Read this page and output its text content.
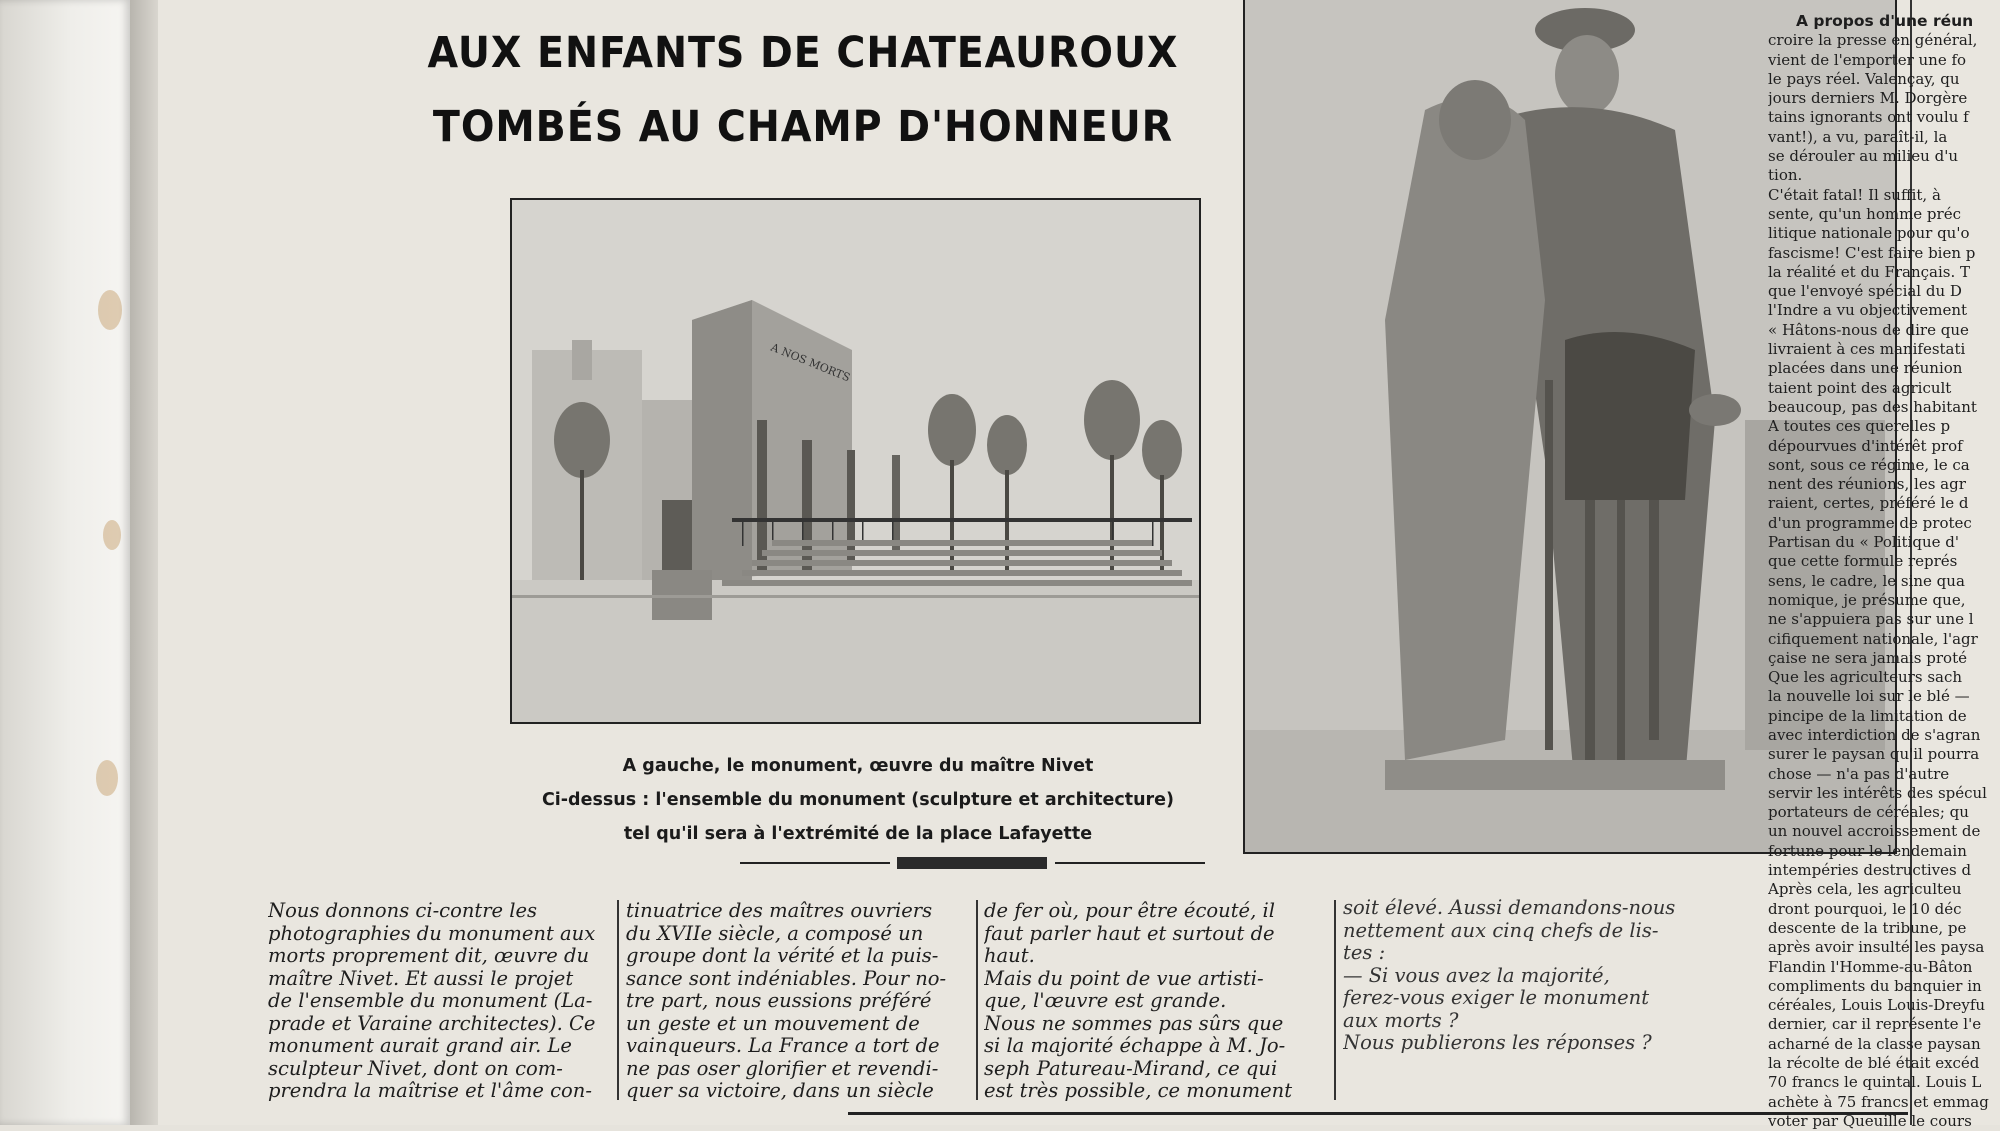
AUX ENFANTS DE CHATEAUROUX
TOMBÉS AU CHAMP D'HONNEUR
A NOS MORTS
A gauche, le monument, œuvre du maître Nivet
Ci-dessus : l'ensemble du monument (sculpture et architecture)
tel qu'il sera à l'extrémité de la place Lafayette
Nous donnons ci-contre les
photographies du monument aux
morts proprement dit, œuvre du
maître Nivet. Et aussi le projet
de l'ensemble du monument (La-
prade et Varaine architectes). Ce
monument aurait grand air. Le
sculpteur Nivet, dont on com-
prendra la maîtrise et l'âme con-
tinuatrice des maîtres ouvriers
du XVIIe siècle, a composé un
groupe dont la vérité et la puis-
sance sont indéniables. Pour no-
tre part, nous eussions préféré
un geste et un mouvement de
vainqueurs. La France a tort de
ne pas oser glorifier et revendi-
quer sa victoire, dans un siècle
de fer où, pour être écouté, il
faut parler haut et surtout de
haut.
Mais du point de vue artisti-
que, l'œuvre est grande.
Nous ne sommes pas sûrs que
si la majorité échappe à M. Jo-
seph Patureau-Mirand, ce qui
est très possible, ce monument
soit élevé. Aussi demandons-nous
nettement aux cinq chefs de lis-
tes :
— Si vous avez la majorité,
ferez-vous exiger le monument
aux morts ?
Nous publierons les réponses ?
A propos d'une réun
croire la presse en général,
vient de l'emporter une fo
le pays réel. Valençay, qu
jours derniers M. Dorgère
tains ignorants ont voulu f
vant!), a vu, paraît-il, la
se dérouler au milieu d'u
tion.
C'était fatal! Il suffit, à
sente, qu'un homme préc
litique nationale pour qu'o
fascisme! C'est faire bien p
la réalité et du Français. T
que l'envoyé spécial du D
l'Indre a vu objectivement
« Hâtons-nous de dire que
livraient à ces manifestati
placées dans une réunion
taient point des agricult
beaucoup, pas des habitant
A toutes ces querelles p
dépourvues d'intérêt prof
sont, sous ce régime, le ca
nent des réunions, les agr
raient, certes, préféré le d
d'un programme de protec
Partisan du « Politique d'
que cette formule représ
sens, le cadre, le sine qua
nomique, je présume que,
ne s'appuiera pas sur une l
cifiquement nationale, l'agr
çaise ne sera jamais proté
Que les agriculteurs sach
la nouvelle loi sur le blé —
pincipe de la limitation de
avec interdiction de s'agran
surer le paysan qu'il pourra
chose — n'a pas d'autre
servir les intérêts des spécul
portateurs de céréales; qu
un nouvel accroissement de
fortune pour le lendemain
intempéries destructives d
Après cela, les agriculteu
dront pourquoi, le 10 déc
descente de la tribune, pe
après avoir insulté les paysa
Flandin l'Homme-au-Bâton
compliments du banquier in
céréales, Louis Louis-Dreyfu
dernier, car il représente l'e
acharné de la classe paysan
la récolte de blé était excéd
70 francs le quintal. Louis L
achète à 75 francs et emmag
voter par Queuille le cours
